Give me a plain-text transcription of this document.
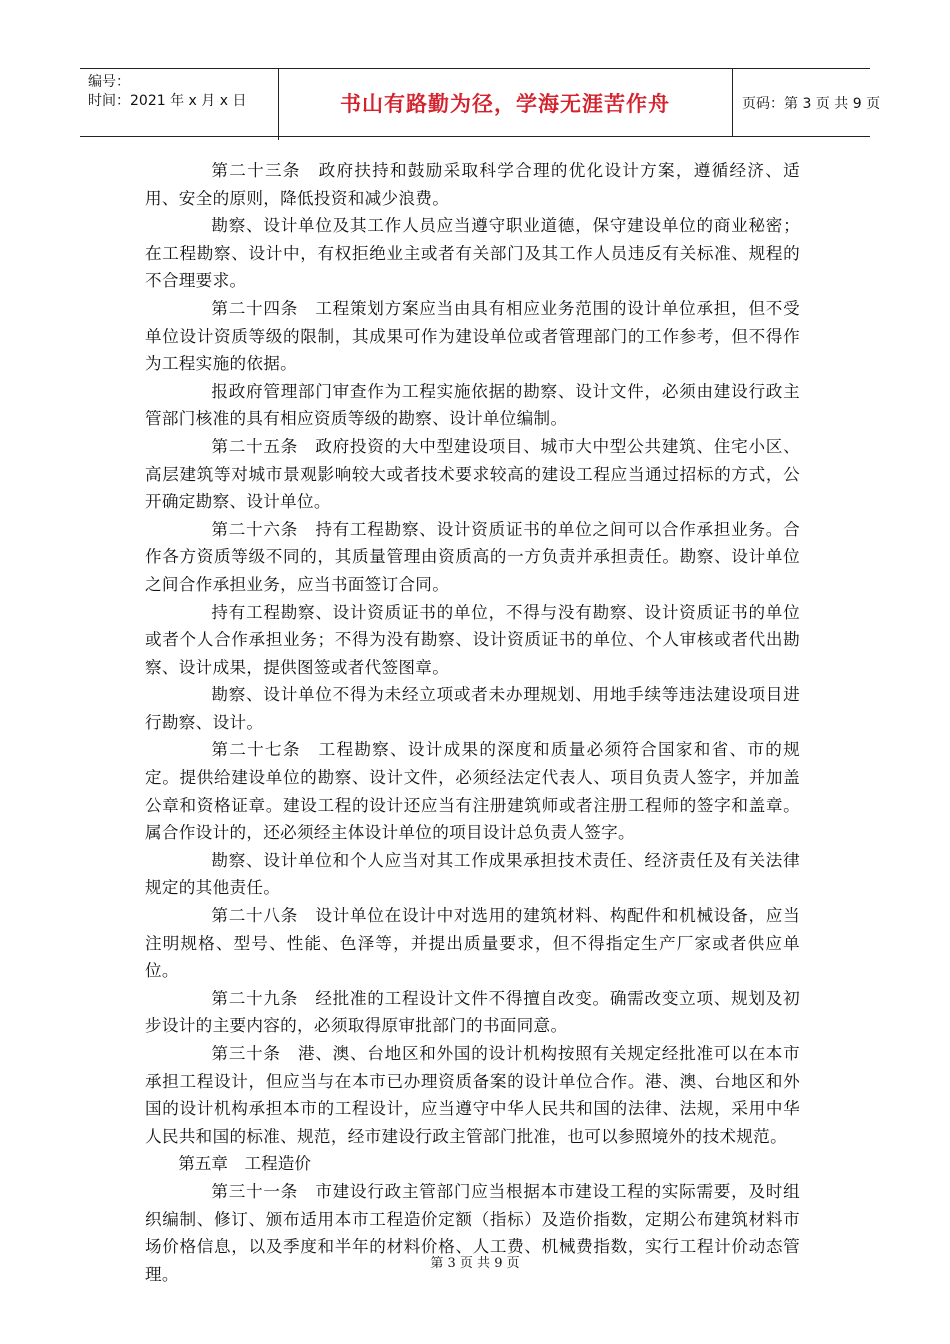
编号：
时间：2021 年 x 月 x 日	书山有路勤为径，学海无涯苦作舟	页码：第 3 页 共 9 页

第二十三条　政府扶持和鼓励采取科学合理的优化设计方案，遵循经济、适用、安全的原则，降低投资和减少浪费。

勘察、设计单位及其工作人员应当遵守职业道德，保守建设单位的商业秘密；在工程勘察、设计中，有权拒绝业主或者有关部门及其工作人员违反有关标准、规程的不合理要求。

第二十四条　工程策划方案应当由具有相应业务范围的设计单位承担，但不受单位设计资质等级的限制，其成果可作为建设单位或者管理部门的工作参考，但不得作为工程实施的依据。

报政府管理部门审查作为工程实施依据的勘察、设计文件，必须由建设行政主管部门核准的具有相应资质等级的勘察、设计单位编制。

第二十五条　政府投资的大中型建设项目、城市大中型公共建筑、住宅小区、高层建筑等对城市景观影响较大或者技术要求较高的建设工程应当通过招标的方式，公开确定勘察、设计单位。

第二十六条　持有工程勘察、设计资质证书的单位之间可以合作承担业务。合作各方资质等级不同的，其质量管理由资质高的一方负责并承担责任。勘察、设计单位之间合作承担业务，应当书面签订合同。

持有工程勘察、设计资质证书的单位，不得与没有勘察、设计资质证书的单位或者个人合作承担业务；不得为没有勘察、设计资质证书的单位、个人审核或者代出勘察、设计成果，提供图签或者代签图章。

勘察、设计单位不得为未经立项或者未办理规划、用地手续等违法建设项目进行勘察、设计。

第二十七条　工程勘察、设计成果的深度和质量必须符合国家和省、市的规定。提供给建设单位的勘察、设计文件，必须经法定代表人、项目负责人签字，并加盖公章和资格证章。建设工程的设计还应当有注册建筑师或者注册工程师的签字和盖章。属合作设计的，还必须经主体设计单位的项目设计总负责人签字。

勘察、设计单位和个人应当对其工作成果承担技术责任、经济责任及有关法律规定的其他责任。

第二十八条　设计单位在设计中对选用的建筑材料、构配件和机械设备，应当注明规格、型号、性能、色泽等，并提出质量要求，但不得指定生产厂家或者供应单位。

第二十九条　经批准的工程设计文件不得擅自改变。确需改变立项、规划及初步设计的主要内容的，必须取得原审批部门的书面同意。

第三十条　港、澳、台地区和外国的设计机构按照有关规定经批准可以在本市承担工程设计，但应当与在本市已办理资质备案的设计单位合作。港、澳、台地区和外国的设计机构承担本市的工程设计，应当遵守中华人民共和国的法律、法规，采用中华人民共和国的标准、规范，经市建设行政主管部门批准，也可以参照境外的技术规范。

第五章　工程造价

第三十一条　市建设行政主管部门应当根据本市建设工程的实际需要，及时组织编制、修订、颁布适用本市工程造价定额（指标）及造价指数，定期公布建筑材料市场价格信息，以及季度和半年的材料价格、人工费、机械费指数，实行工程计价动态管理。

第 3 页 共 9 页
